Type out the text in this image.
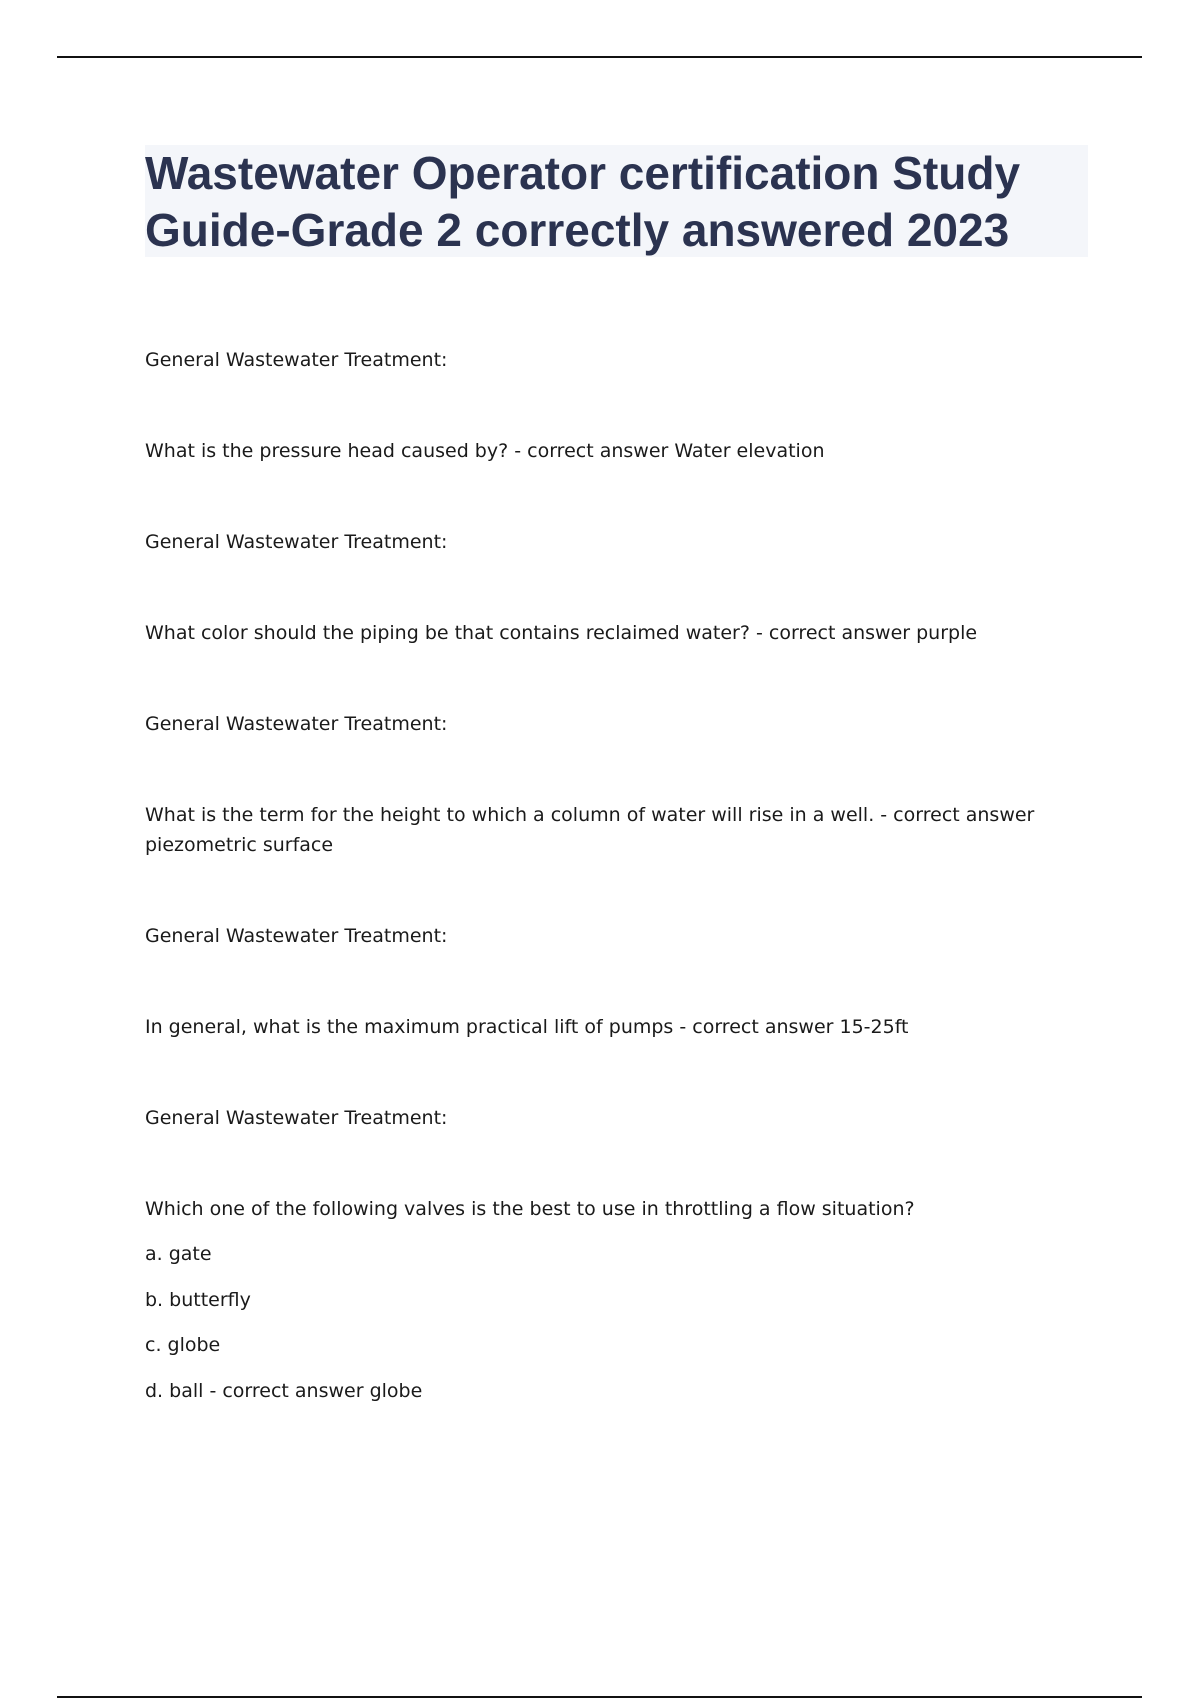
Wastewater Operator certification Study
Guide-Grade 2 correctly answered 2023

General Wastewater Treatment:

What is the pressure head caused by? - correct answer Water elevation

General Wastewater Treatment:

What color should the piping be that contains reclaimed water? - correct answer purple

General Wastewater Treatment:

What is the term for the height to which a column of water will rise in a well. - correct answer

piezometric surface

General Wastewater Treatment:

In general, what is the maximum practical lift of pumps - correct answer 15-25ft

General Wastewater Treatment:

Which one of the following valves is the best to use in throttling a flow situation?

a. gate

b. butterfly

c. globe

d. ball - correct answer globe
